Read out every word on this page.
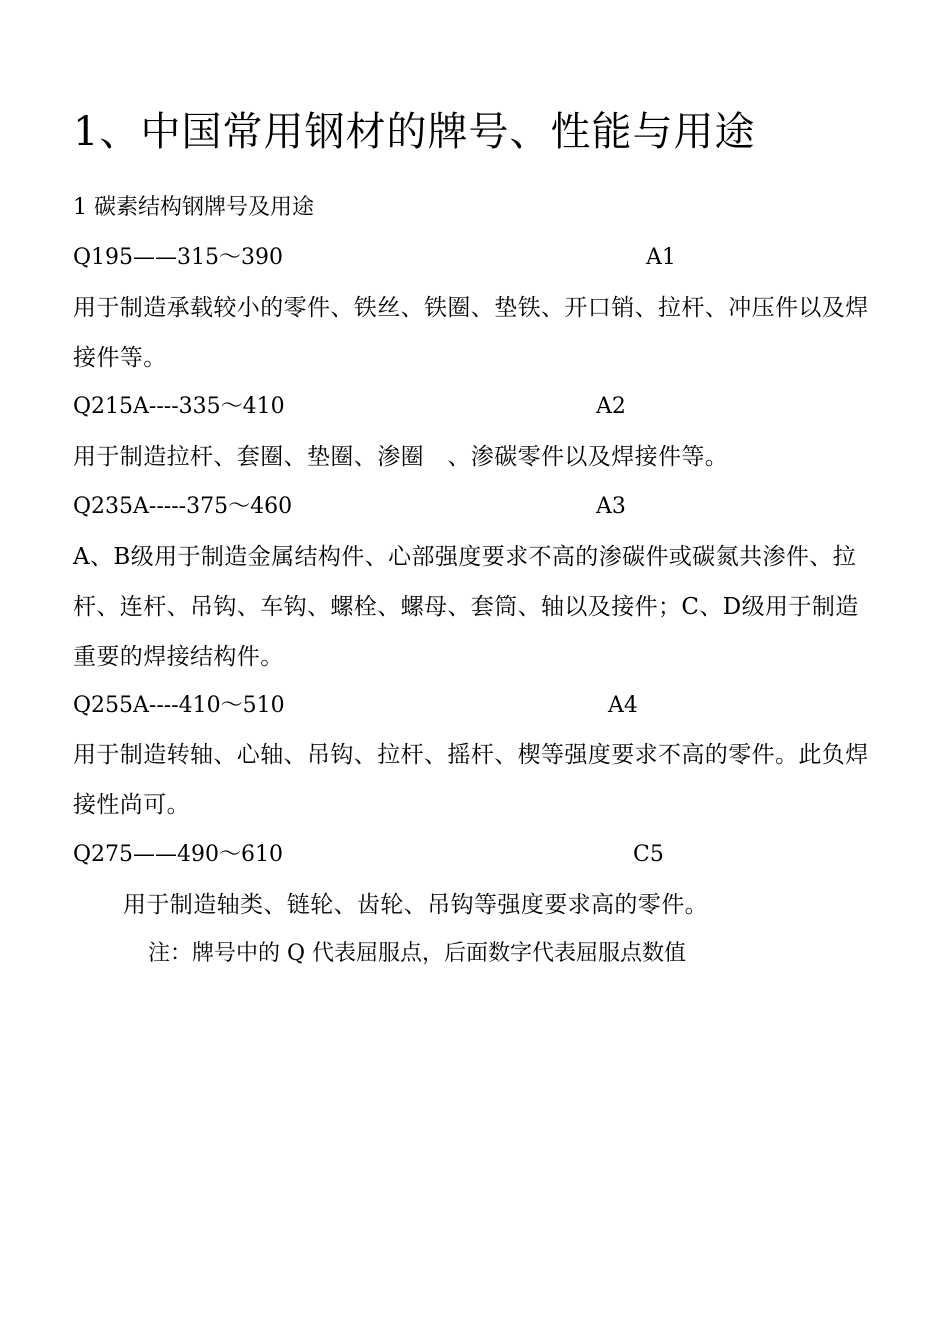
1、中国常用钢材的牌号、性能与用途
1 碳素结构钢牌号及用途
Q195——315～390	A1
用于制造承载较小的零件、铁丝、铁圈、垫铁、开口销、拉杆、冲压件以及焊接件等。
Q215A----335～410	A2
用于制造拉杆、套圈、垫圈、渗圈　、渗碳零件以及焊接件等。
Q235A-----375～460	A3
A、B级用于制造金属结构件、心部强度要求不高的渗碳件或碳氮共渗件、拉杆、连杆、吊钩、车钩、螺栓、螺母、套筒、轴以及接件；C、D级用于制造重要的焊接结构件。
Q255A----410～510	A4
用于制造转轴、心轴、吊钩、拉杆、摇杆、楔等强度要求不高的零件。此负焊接性尚可。
Q275——490～610	C5
用于制造轴类、链轮、齿轮、吊钩等强度要求高的零件。
注：牌号中的 Q 代表屈服点，后面数字代表屈服点数值
